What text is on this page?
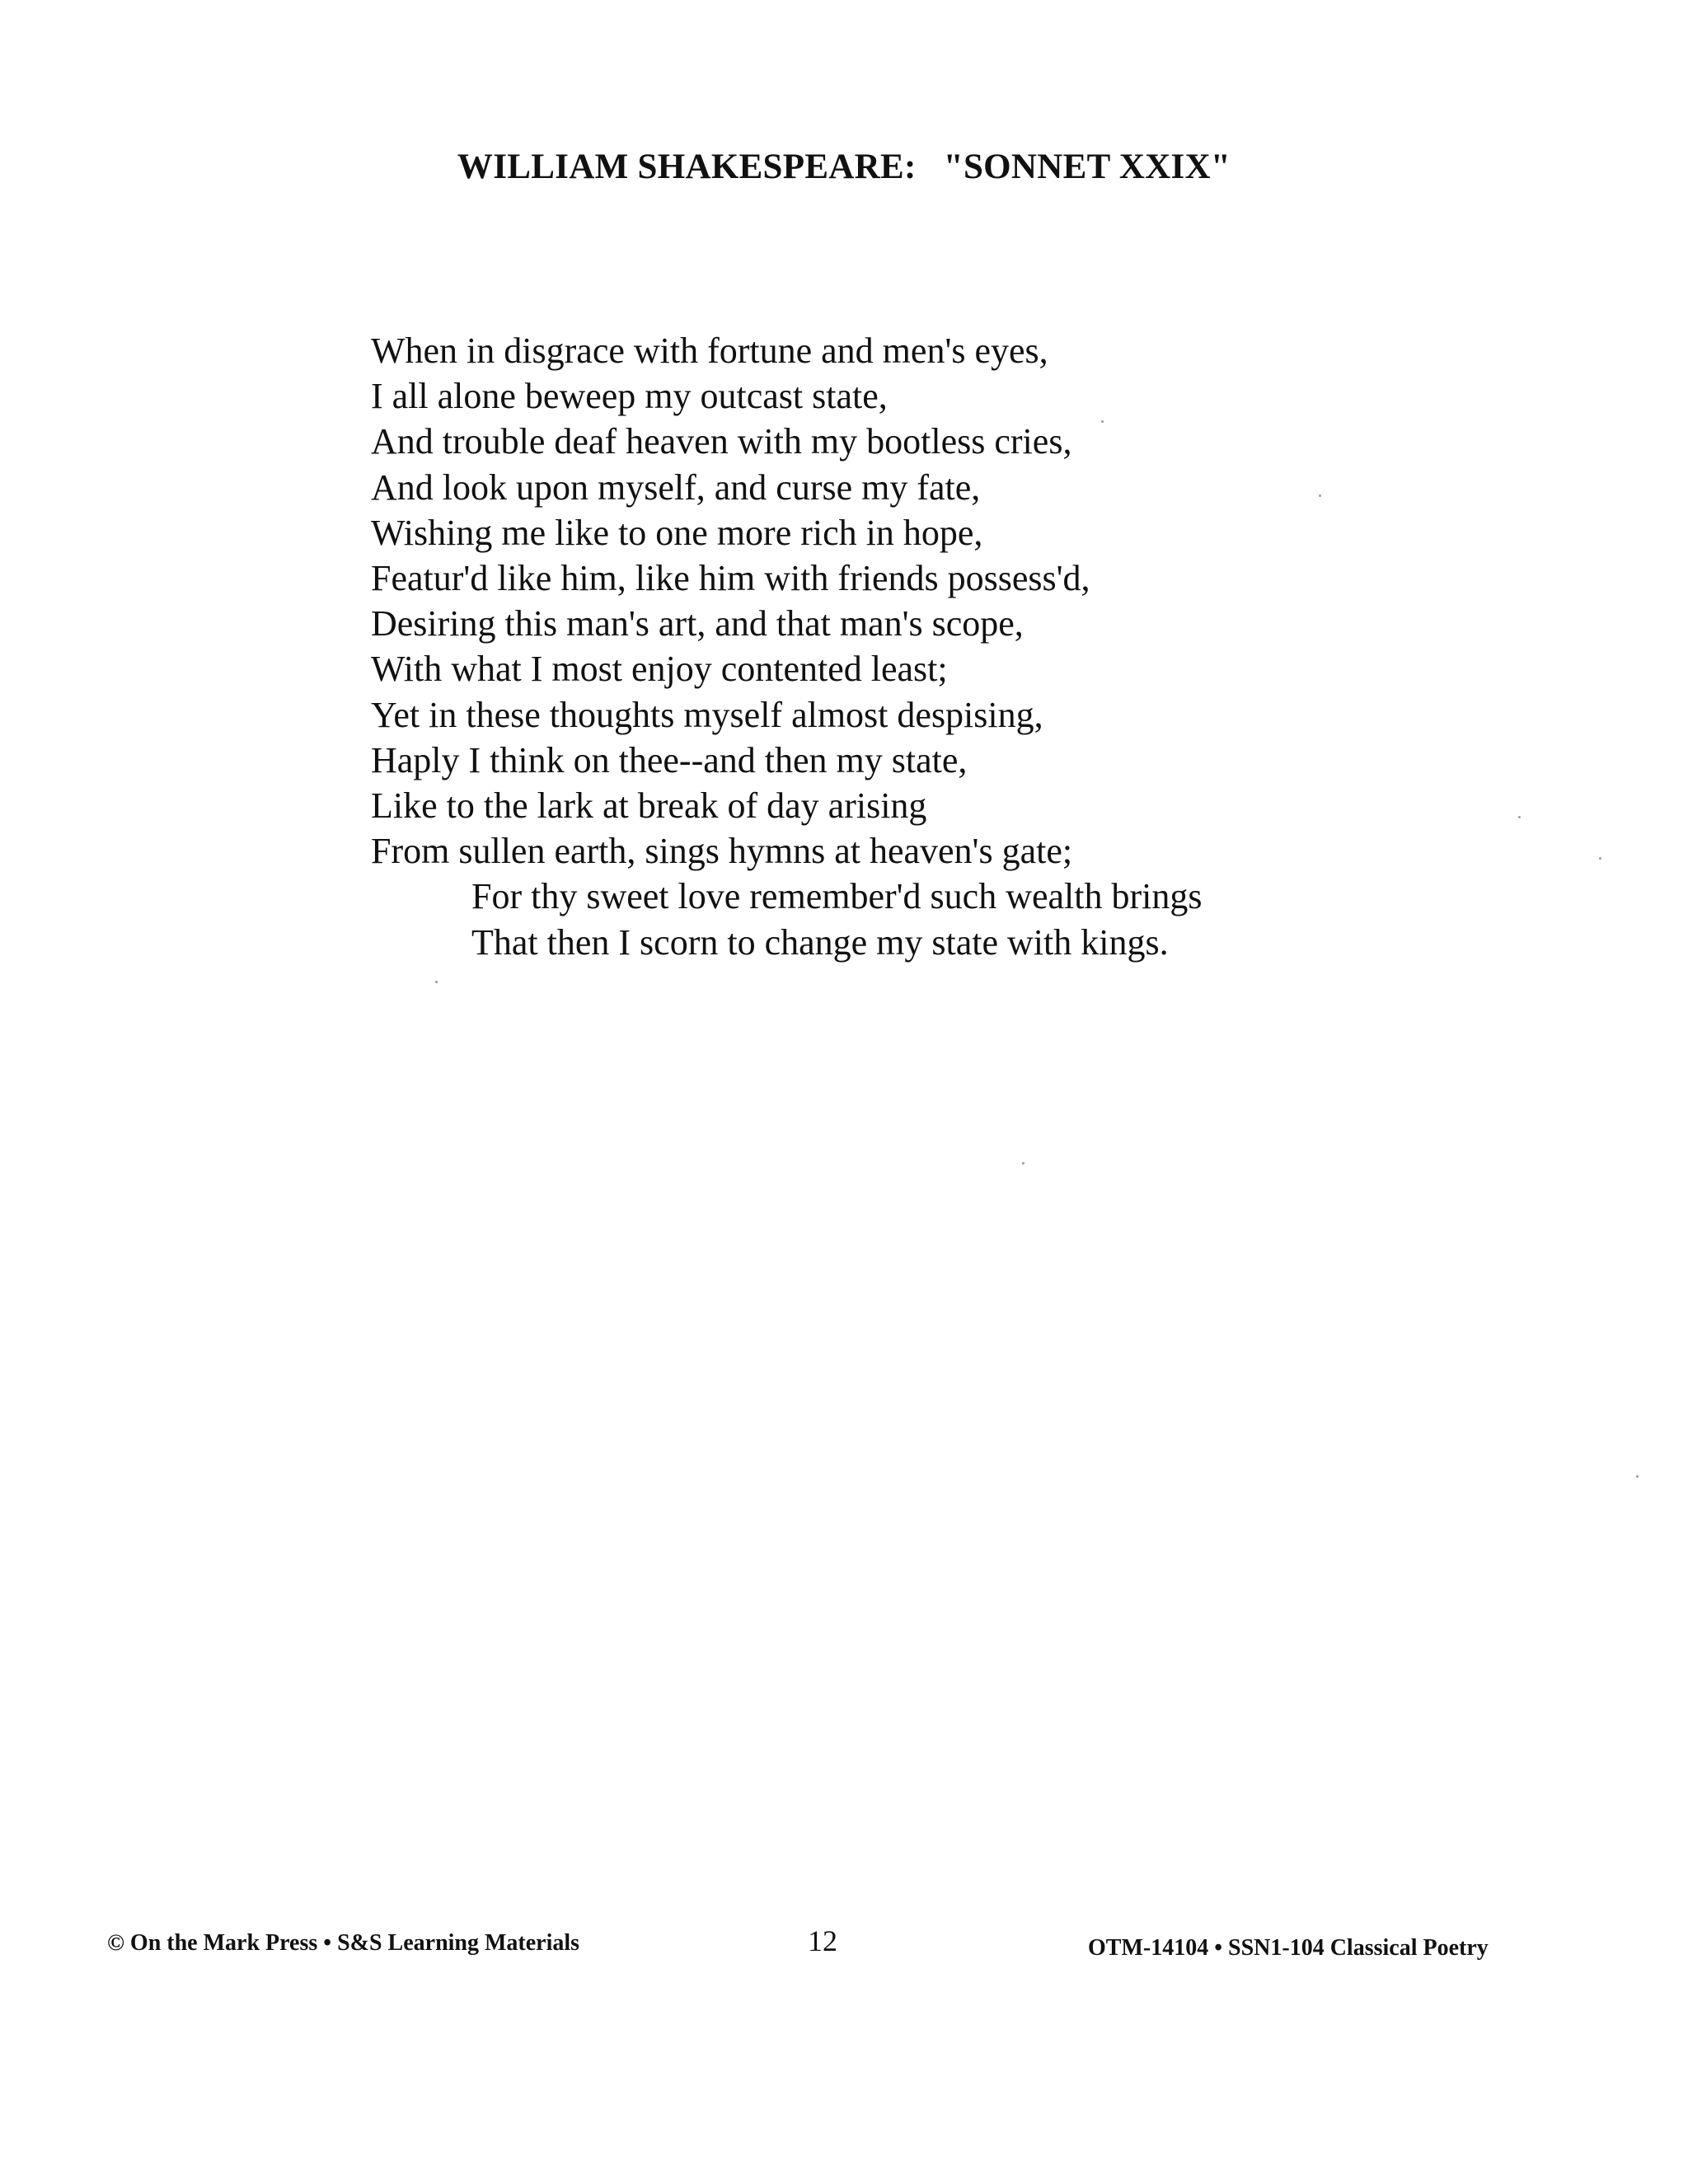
WILLIAM SHAKESPEARE:   "SONNET XXIX"
When in disgrace with fortune and men's eyes,
I all alone beweep my outcast state,
And trouble deaf heaven with my bootless cries,
And look upon myself, and curse my fate,
Wishing me like to one more rich in hope,
Featur'd like him, like him with friends possess'd,
Desiring this man's art, and that man's scope,
With what I most enjoy contented least;
Yet in these thoughts myself almost despising,
Haply I think on thee--and then my state,
Like to the lark at break of day arising
From sullen earth, sings hymns at heaven's gate;
For thy sweet love remember'd such wealth brings
That then I scorn to change my state with kings.
© On the Mark Press • S&S Learning Materials	12	OTM-14104 • SSN1-104 Classical Poetry
